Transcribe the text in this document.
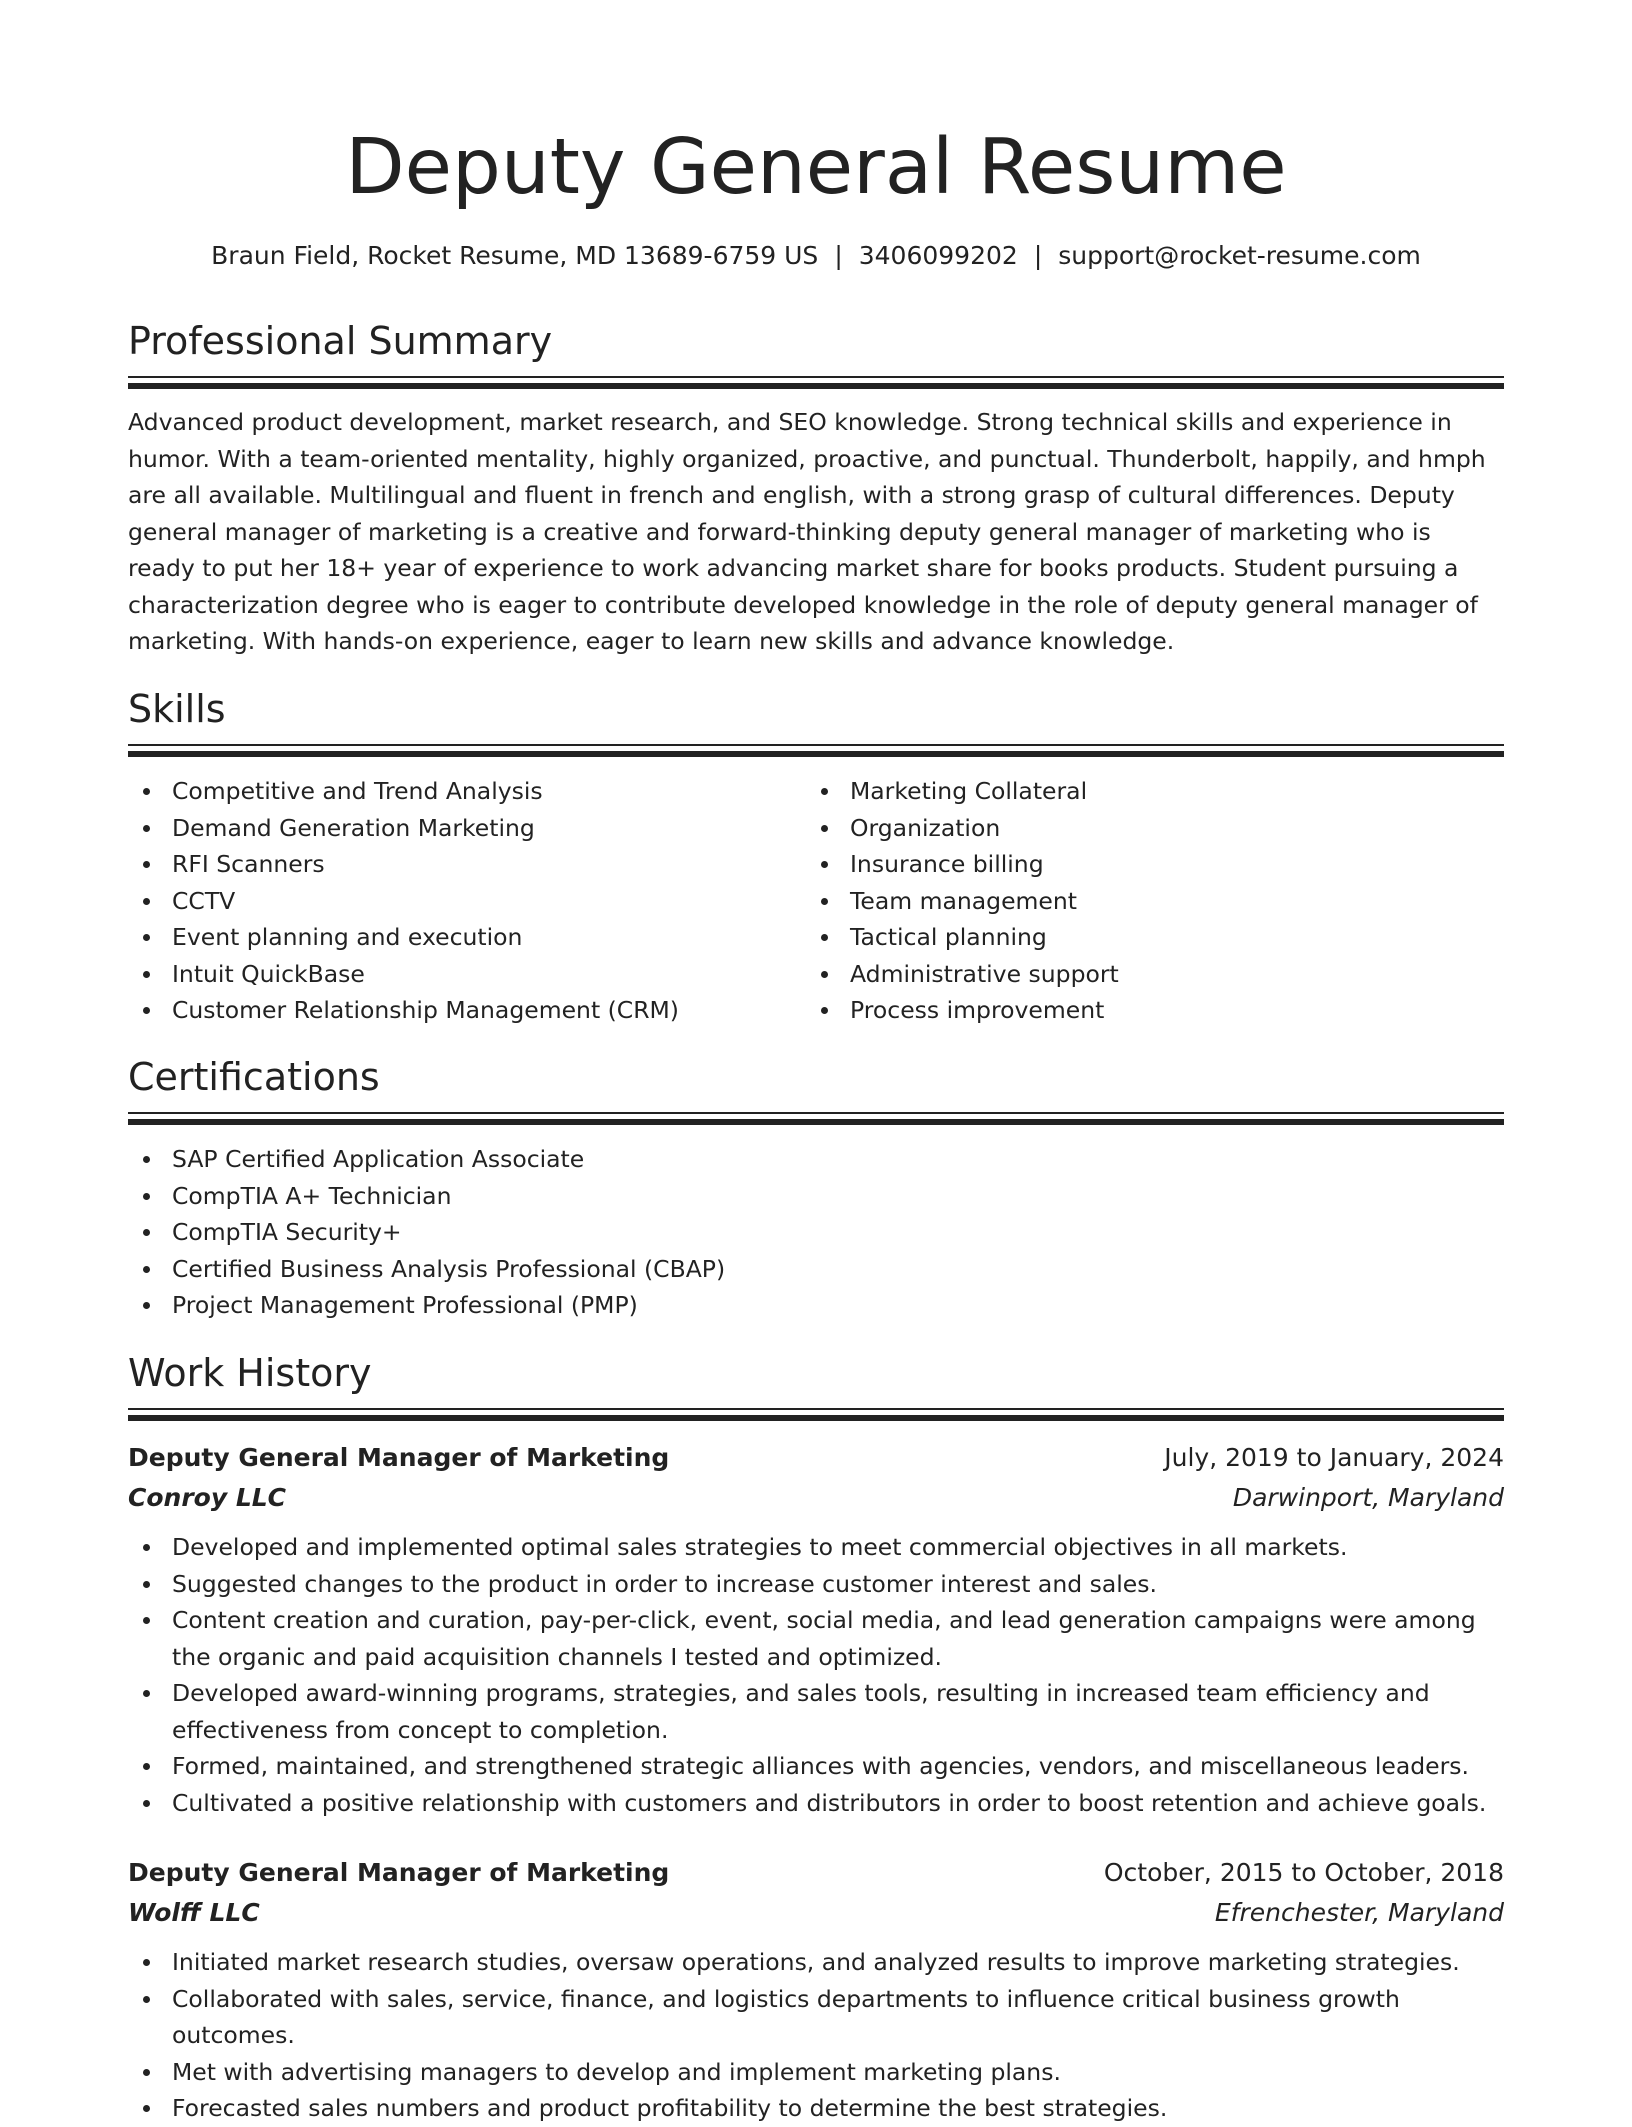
Deputy General Resume
Braun Field, Rocket Resume, MD 13689-6759 US | 3406099202 | support@rocket-resume.com
Professional Summary
Advanced product development, market research, and SEO knowledge. Strong technical skills and experience in humor. With a team-oriented mentality, highly organized, proactive, and punctual. Thunderbolt, happily, and hmph are all available. Multilingual and fluent in french and english, with a strong grasp of cultural differences. Deputy general manager of marketing is a creative and forward-thinking deputy general manager of marketing who is ready to put her 18+ year of experience to work advancing market share for books products. Student pursuing a characterization degree who is eager to contribute developed knowledge in the role of deputy general manager of marketing. With hands-on experience, eager to learn new skills and advance knowledge.
Skills
Competitive and Trend Analysis
Demand Generation Marketing
RFI Scanners
CCTV
Event planning and execution
Intuit QuickBase
Customer Relationship Management (CRM)
Marketing Collateral
Organization
Insurance billing
Team management
Tactical planning
Administrative support
Process improvement
Certifications
SAP Certified Application Associate
CompTIA A+ Technician
CompTIA Security+
Certified Business Analysis Professional (CBAP)
Project Management Professional (PMP)
Work History
Deputy General Manager of Marketing	July, 2019 to January, 2024
Conroy LLC	Darwinport, Maryland
Developed and implemented optimal sales strategies to meet commercial objectives in all markets.
Suggested changes to the product in order to increase customer interest and sales.
Content creation and curation, pay-per-click, event, social media, and lead generation campaigns were among the organic and paid acquisition channels I tested and optimized.
Developed award-winning programs, strategies, and sales tools, resulting in increased team efficiency and effectiveness from concept to completion.
Formed, maintained, and strengthened strategic alliances with agencies, vendors, and miscellaneous leaders.
Cultivated a positive relationship with customers and distributors in order to boost retention and achieve goals.
Deputy General Manager of Marketing	October, 2015 to October, 2018
Wolff LLC	Efrenchester, Maryland
Initiated market research studies, oversaw operations, and analyzed results to improve marketing strategies.
Collaborated with sales, service, finance, and logistics departments to influence critical business growth outcomes.
Met with advertising managers to develop and implement marketing plans.
Forecasted sales numbers and product profitability to determine the best strategies.
